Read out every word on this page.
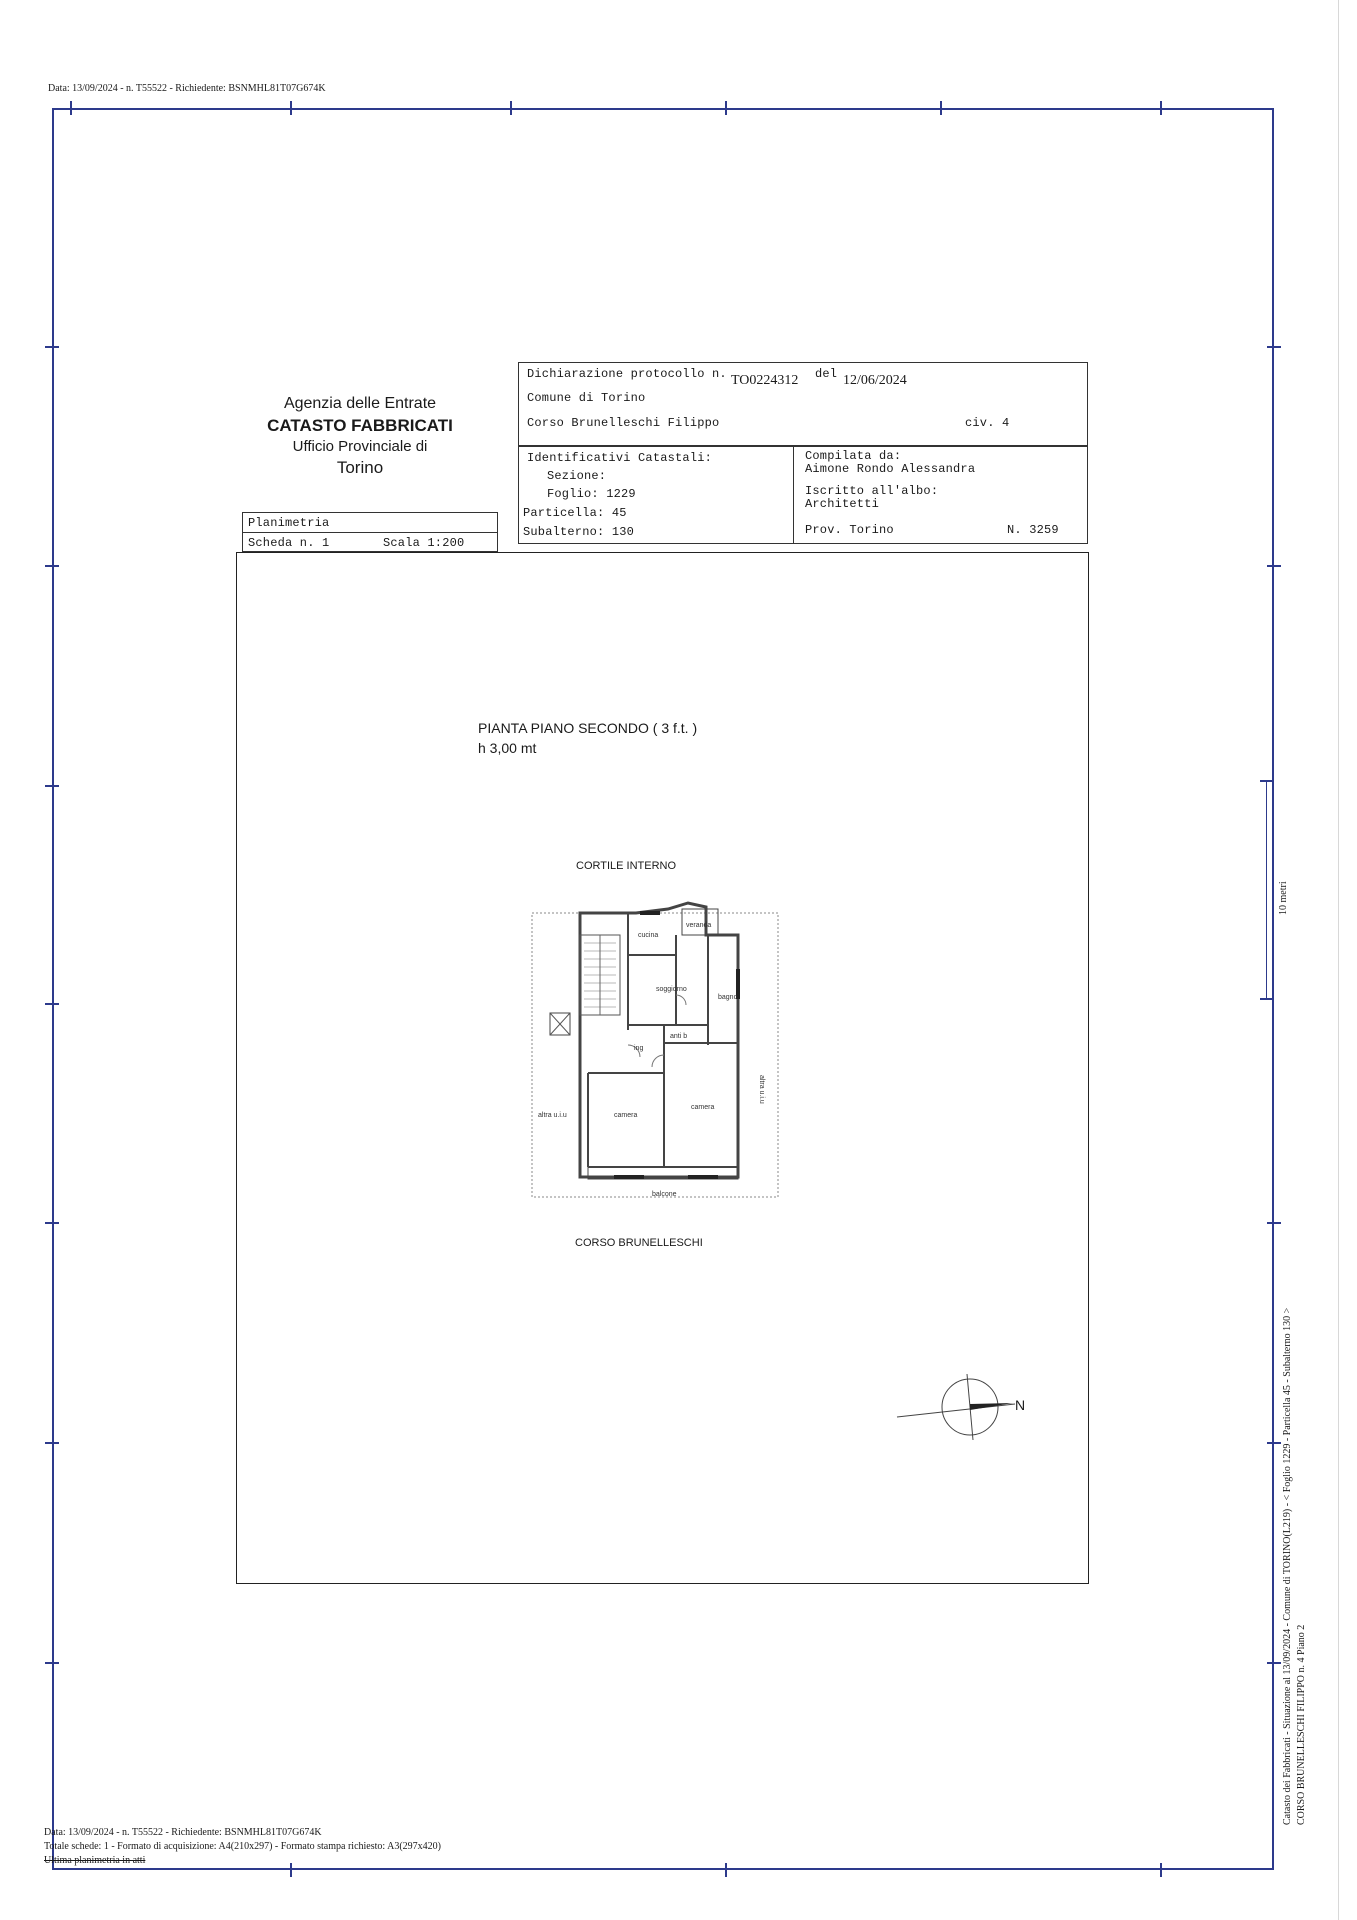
Data: 13/09/2024 - n. T55522 - Richiedente: BSNMHL81T07G674K
Agenzia delle Entrate
CATASTO FABBRICATI
Ufficio Provinciale di
Torino
Planimetria
Scheda n. 1	Scala 1:200
Dichiarazione protocollo n. TO0224312 del 12/06/2024
Comune di Torino
Corso Brunelleschi Filippo	civ. 4
Identificativi Catastali:
Sezione:
Foglio: 1229
Particella: 45
Subalterno: 130
Compilata da:
Aimone Rondo Alessandra
Iscritto all'albo:
Architetti
Prov. Torino	N. 3259
PIANTA PIANO SECONDO ( 3 f.t. )
h 3,00 mt
CORTILE INTERNO
CORSO BRUNELLESCHI
cucina
veranda
soggiorno
bagno
ing
anti b
camera
camera
balcone
altra u.i.u
altra u.i.u
N
10 metri
Catasto dei Fabbricati - Situazione al 13/09/2024 - Comune di TORINO(L219) - < Foglio 1229 - Particella 45 - Subalterno 130 > CORSO BRUNELLESCHI FILIPPO n. 4 Piano 2
Data: 13/09/2024 - n. T55522 - Richiedente: BSNMHL81T07G674K
Totale schede: 1 - Formato di acquisizione: A4(210x297) - Formato stampa richiesto: A3(297x420)
Ultima planimetria in atti
